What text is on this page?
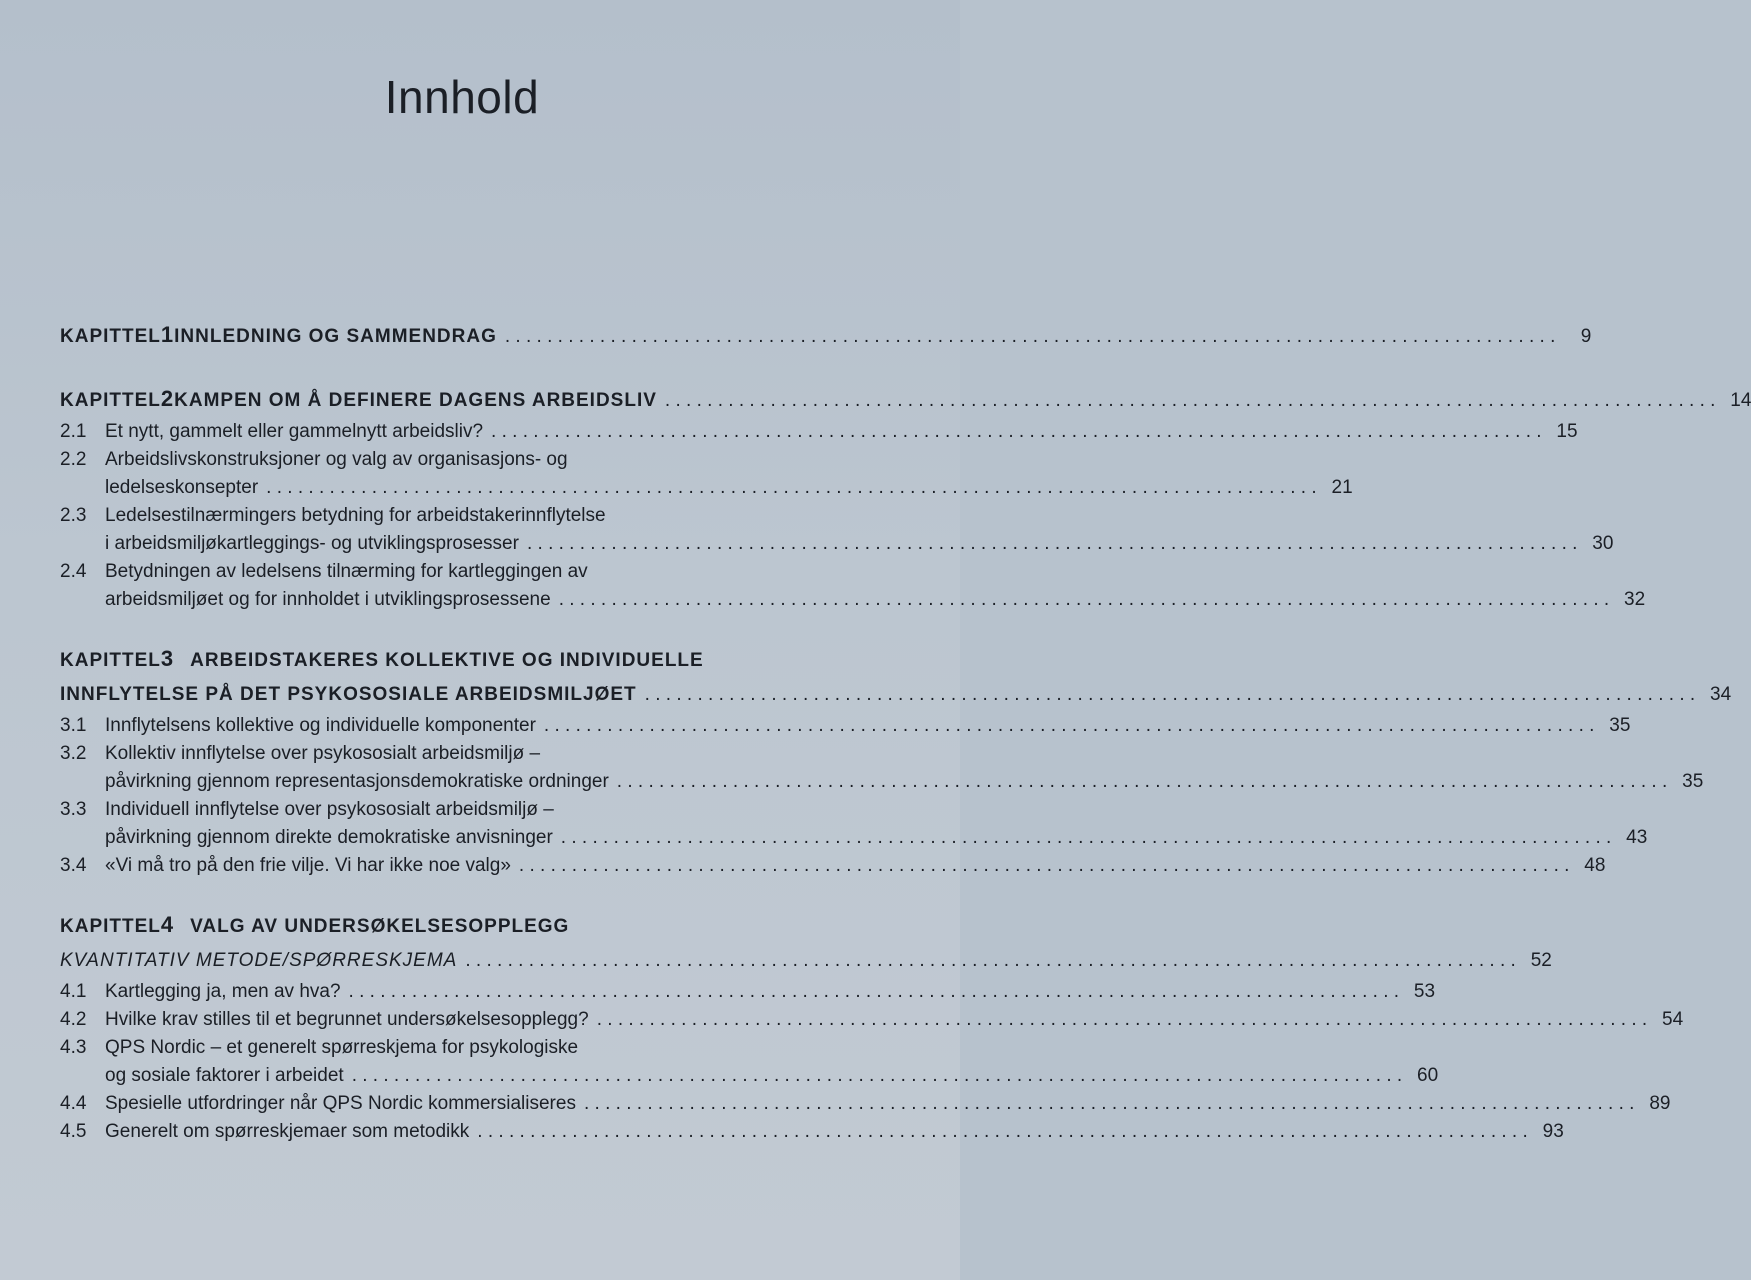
Innhold
KAPITTEL 1 INNLEDNING OG SAMMENDRAG . . .	9
KAPITTEL 2 KAMPEN OM Å DEFINERE DAGENS ARBEIDSLIV . . .	14
2.1 Et nytt, gammelt eller gammelnytt arbeidsliv? . . .	15
2.2 Arbeidslivskonstruksjoner og valg av organisasjons- og
ledelseskonsepter . . .	21
2.3 Ledelsestilnærmingers betydning for arbeidstakerinnflytelse
i arbeidsmiljøkartleggings- og utviklingsprosesser . . .	30
2.4 Betydningen av ledelsens tilnærming for kartleggingen av
arbeidsmiljøet og for innholdet i utviklingsprosessene . . .	32
KAPITTEL 3 ARBEIDSTAKERES KOLLEKTIVE OG INDIVIDUELLE
INNFLYTELSE PÅ DET PSYKOSOSIALE ARBEIDSMILJØET . . .	34
3.1 Innflytelsens kollektive og individuelle komponenter . . .	35
3.2 Kollektiv innflytelse over psykososialt arbeidsmiljø –
påvirkning gjennom representasjonsdemokratiske ordninger . . .	35
3.3 Individuell innflytelse over psykososialt arbeidsmiljø –
påvirkning gjennom direkte demokratiske anvisninger . . .	43
3.4 «Vi må tro på den frie vilje. Vi har ikke noe valg» . . .	48
KAPITTEL 4 VALG AV UNDERSØKELSESOPPLEGG
KVANTITATIV METODE/SPØRRESKJEMA . . .	52
4.1 Kartlegging ja, men av hva? . . .	53
4.2 Hvilke krav stilles til et begrunnet undersøkelsesopplegg? . . .	54
4.3 QPS Nordic – et generelt spørreskjema for psykologiske
og sosiale faktorer i arbeidet . . .	60
4.4 Spesielle utfordringer når QPS Nordic kommersialiseres . . .	89
4.5 Generelt om spørreskjemaer som metodikk . . .	93
